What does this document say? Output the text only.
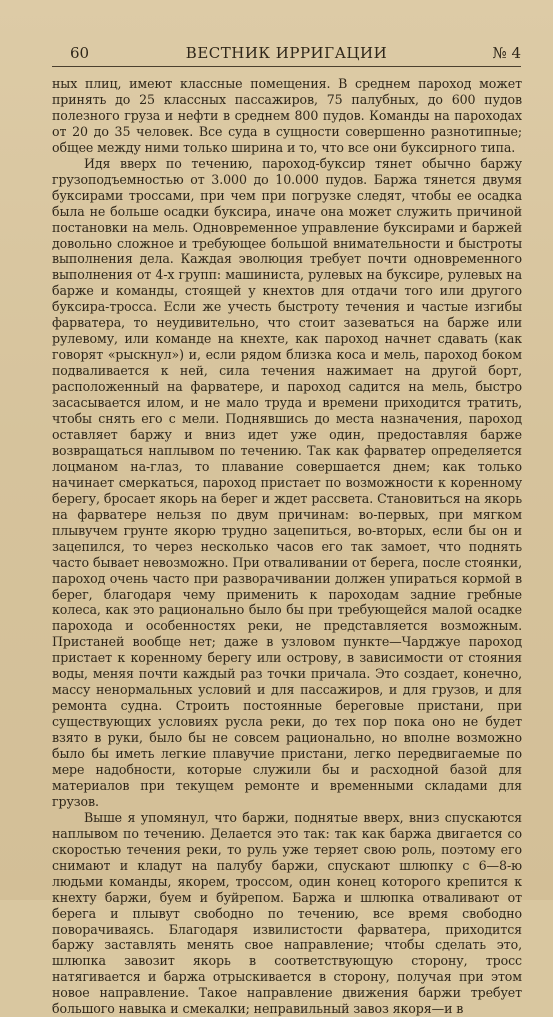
60	ВЕСТНИК ИРРИГАЦИИ	№ 4

ных плиц, имеют классные помещения. В среднем пароход может принять до 25 классных пассажиров, 75 палубных, до 600 пудов полезного груза и нефти в среднем 800 пудов. Команды на пароходах от 20 до 35 человек. Все суда в сущности совершенно разнотипные; общее между ними только ширина и то, что все они буксирного типа.

Идя вверх по течению, пароход-буксир тянет обычно баржу грузоподъемностью от 3.000 до 10.000 пудов. Баржа тянется двумя буксирами троссами, при чем при погрузке следят, чтобы ее осадка была не больше осадки буксира, иначе она может служить причиной постановки на мель. Одновременное управление буксирами и баржей довольно сложное и требующее большой внимательности и быстроты выполнения дела. Каждая эволюция требует почти одновременного выполнения от 4-х групп: машиниста, рулевых на буксире, рулевых на барже и команды, стоящей у кнехтов для отдачи того или другого буксира-тросса. Если же учесть быстроту течения и частые изгибы фарватера, то неудивительно, что стоит зазеваться на барже или рулевому, или команде на кнехте, как пароход начнет сдавать (как говорят «рыскнул») и, если рядом близка коса и мель, пароход боком подваливается к ней, сила течения нажимает на другой борт, расположенный на фарватере, и пароход садится на мель, быстро засасывается илом, и не мало труда и времени приходится тратить, чтобы снять его с мели. Поднявшись до места назначения, пароход оставляет баржу и вниз идет уже один, предоставляя барже возвращаться наплывом по течению. Так как фарватер определяется лоцманом на-глаз, то плавание совершается днем; как только начинает смеркаться, пароход пристает по возможности к коренному берегу, бросает якорь на берег и ждет рассвета. Становиться на якорь на фарватере нельзя по двум причинам: во-первых, при мягком плывучем грунте якорю трудно зацепиться, во-вторых, если бы он и зацепился, то через несколько часов его так замоет, что поднять часто бывает невозможно. При отваливании от берега, после стоянки, пароход очень часто при разворачивании должен упираться кормой в берег, благодаря чему применить к пароходам задние гребные колеса, как это рационально было бы при требующейся малой осадке парохода и особенностях реки, не представляется возможным. Пристаней вообще нет; даже в узловом пункте—Чарджуе пароход пристает к коренному берегу или острову, в зависимости от стояния воды, меняя почти каждый раз точки причала. Это создает, конечно, массу ненормальных условий и для пассажиров, и для грузов, и для ремонта судна. Строить постоянные береговые пристани, при существующих условиях русла реки, до тех пор пока оно не будет взято в руки, было бы не совсем рационально, но вполне возможно было бы иметь легкие плавучие пристани, легко передвигаемые по мере надобности, которые служили бы и расходной базой для материалов при текущем ремонте и временными складами для грузов.

Выше я упомянул, что баржи, поднятые вверх, вниз спускаются наплывом по течению. Делается это так: так как баржа двигается со скоростью течения реки, то руль уже теряет свою роль, поэтому его снимают и кладут на палубу баржи, спускают шлюпку с 6—8-ю людьми команды, якорем, троссом, один конец которого крепится к кнехту баржи, буем и буйрепом. Баржа и шлюпка отваливают от берега и плывут свободно по течению, все время свободно поворачиваясь. Благодаря извилистости фарватера, приходится баржу заставлять менять свое направление; чтобы сделать это, шлюпка завозит якорь в соответствующую сторону, тросс натягивается и баржа отрыскивается в сторону, получая при этом новое направление. Такое направление движения баржи требует большого навыка и смекалки; неправильный завоз якоря—и в
